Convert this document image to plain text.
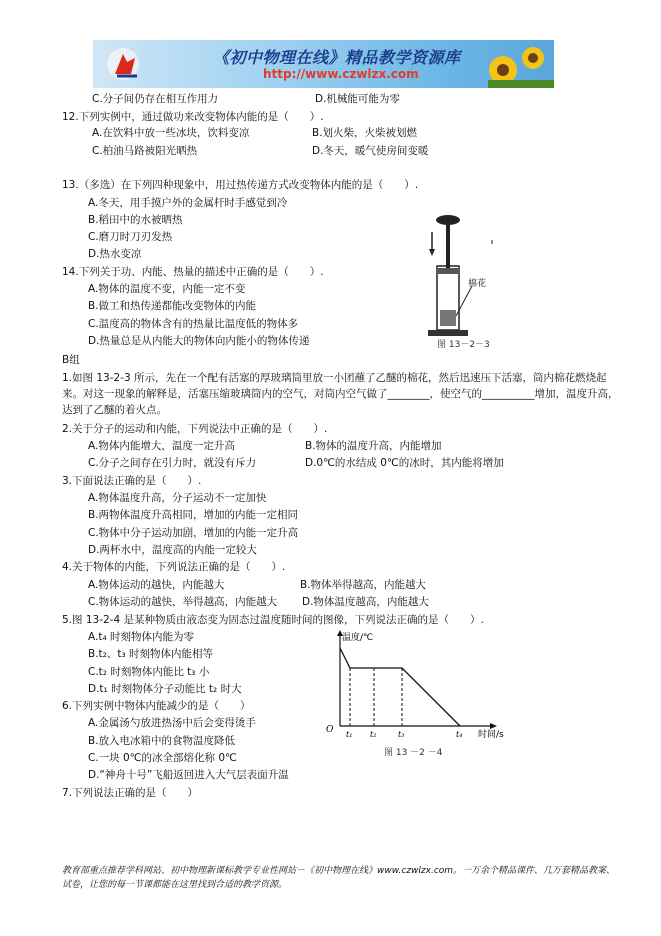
《初中物理在线》精品教学资源库
http://www.czwlzx.com
C.分子间仍存在相互作用力	D.机械能可能为零
12.下列实例中，通过做功来改变物体内能的是（　　）.
A.在饮料中放一些冰块，饮料变凉	B.划火柴，火柴被划燃
C.柏油马路被阳光晒热	D.冬天，暖气使房间变暖
13.（多选）在下列四种现象中，用过热传递方式改变物体内能的是（　　）.
A.冬天，用手摸户外的金属杆时手感觉到冷
B.稻田中的水被晒热
C.磨刀时刀刃发热
D.热水变凉
14.下列关于功、内能、热量的描述中正确的是（　　）.
A.物体的温度不变，内能一定不变
B.做工和热传递都能改变物体的内能
C.温度高的物体含有的热量比温度低的物体多
D.热量总是从内能大的物体向内能小的物体传递
棉花
图 13－2－3
B组
1.如图 13-2-3 所示，先在一个配有活塞的厚玻璃筒里放一小团蘸了乙醚的棉花，然后迅速压下活塞，筒内棉花燃烧起来。对这一现象的解释是，活塞压缩玻璃筒内的空气，对筒内空气做了________，使空气的__________增加，温度升高，达到了乙醚的着火点。
2.关于分子的运动和内能，下列说法中正确的是（　　）.
A.物体内能增大，温度一定升高	B.物体的温度升高，内能增加
C.分子之间存在引力时，就没有斥力	D.0℃的水结成 0℃的冰时，其内能将增加
3.下面说法正确的是（　　）.
A.物体温度升高，分子运动不一定加快
B.两物体温度升高相同，增加的内能一定相同
C.物体中分子运动加剧，增加的内能一定升高
D.两杯水中，温度高的内能一定较大
4.关于物体的内能，下列说法正确的是（　　）.
A.物体运动的越快，内能越大	B.物体举得越高，内能越大
C.物体运动的越快，举得越高，内能越大 D.物体温度越高，内能越大
5.图 13-2-4 是某种物质由液态变为固态过温度随时间的图像，下列说法正确的是（　　）.
A.t₄ 时刻物体内能为零
B.t₂、t₃ 时刻物体内能相等
C.t₂ 时刻物体内能比 t₃ 小
D.t₁ 时刻物体分子动能比 t₂ 时大
温度/℃
O t₁ t₂	t₃	t₄ 时间/s
图 13 －2 －4
6.下列实例中物体内能减少的是（　　）
A.金属汤勺放进热汤中后会变得烫手
B.放入电冰箱中的食物温度降低
C.一块 0℃的冰全部熔化称 0℃
D.“神舟十号”飞船返回进入大气层表面升温
7.下列说法正确的是（　　）
教育部重点推荐学科网站、初中物理新课标教学专业性网站－《初中物理在线》www.czwlzx.com。一万余个精品课件、几万套精品教案、试卷，让您的每一节课都能在这里找到合适的教学资源。
